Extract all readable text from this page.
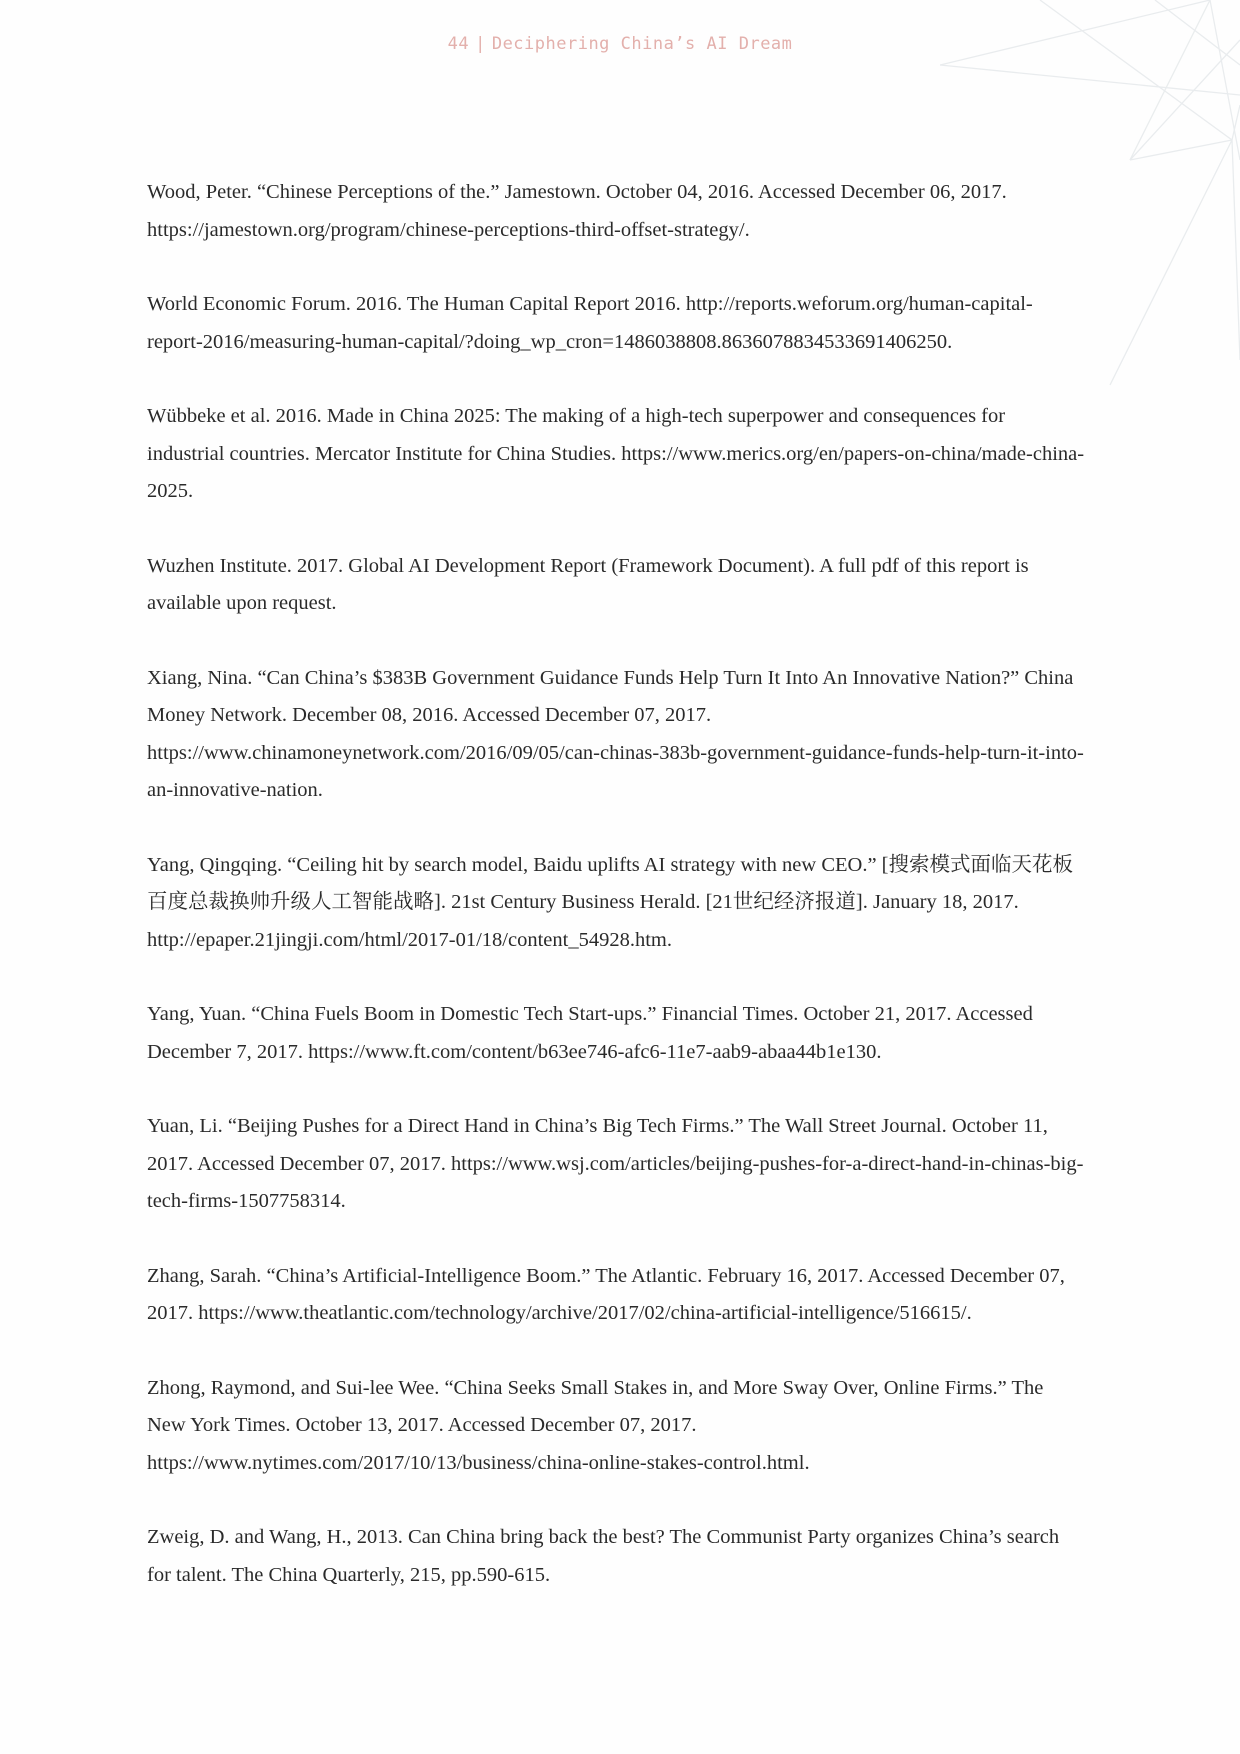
44 | Deciphering China’s AI Dream

Wood, Peter. “Chinese Perceptions of the.” Jamestown. October 04, 2016. Accessed December 06, 2017. https://jamestown.org/program/chinese-perceptions-third-offset-strategy/.

World Economic Forum. 2016. The Human Capital Report 2016. http://reports.weforum.org/human-capital-report-2016/measuring-human-capital/?doing_wp_cron=1486038808.8636078834533691406250.

Wübbeke et al. 2016. Made in China 2025: The making of a high-tech superpower and consequences for industrial countries. Mercator Institute for China Studies. https://www.merics.org/en/papers-on-china/made-china-2025.

Wuzhen Institute. 2017. Global AI Development Report (Framework Document). A full pdf of this report is available upon request.

Xiang, Nina. “Can China’s $383B Government Guidance Funds Help Turn It Into An Innovative Nation?” China Money Network. December 08, 2016. Accessed December 07, 2017. https://www.chinamoneynetwork.com/2016/09/05/can-chinas-383b-government-guidance-funds-help-turn-it-into-an-innovative-nation.

Yang, Qingqing. “Ceiling hit by search model, Baidu uplifts AI strategy with new CEO.” [搜索模式面临天花板 百度总裁换帅升级人工智能战略]. 21st Century Business Herald. [21世纪经济报道]. January 18, 2017. http://epaper.21jingji.com/html/2017-01/18/content_54928.htm.

Yang, Yuan. “China Fuels Boom in Domestic Tech Start-ups.” Financial Times. October 21, 2017. Accessed December 7, 2017. https://www.ft.com/content/b63ee746-afc6-11e7-aab9-abaa44b1e130.

Yuan, Li. “Beijing Pushes for a Direct Hand in China’s Big Tech Firms.” The Wall Street Journal. October 11, 2017. Accessed December 07, 2017. https://www.wsj.com/articles/beijing-pushes-for-a-direct-hand-in-chinas-big-tech-firms-1507758314.

Zhang, Sarah. “China’s Artificial-Intelligence Boom.” The Atlantic. February 16, 2017. Accessed December 07, 2017. https://www.theatlantic.com/technology/archive/2017/02/china-artificial-intelligence/516615/.

Zhong, Raymond, and Sui-lee Wee. “China Seeks Small Stakes in, and More Sway Over, Online Firms.” The New York Times. October 13, 2017. Accessed December 07, 2017. https://www.nytimes.com/2017/10/13/business/china-online-stakes-control.html.

Zweig, D. and Wang, H., 2013. Can China bring back the best? The Communist Party organizes China’s search for talent. The China Quarterly, 215, pp.590-615.
